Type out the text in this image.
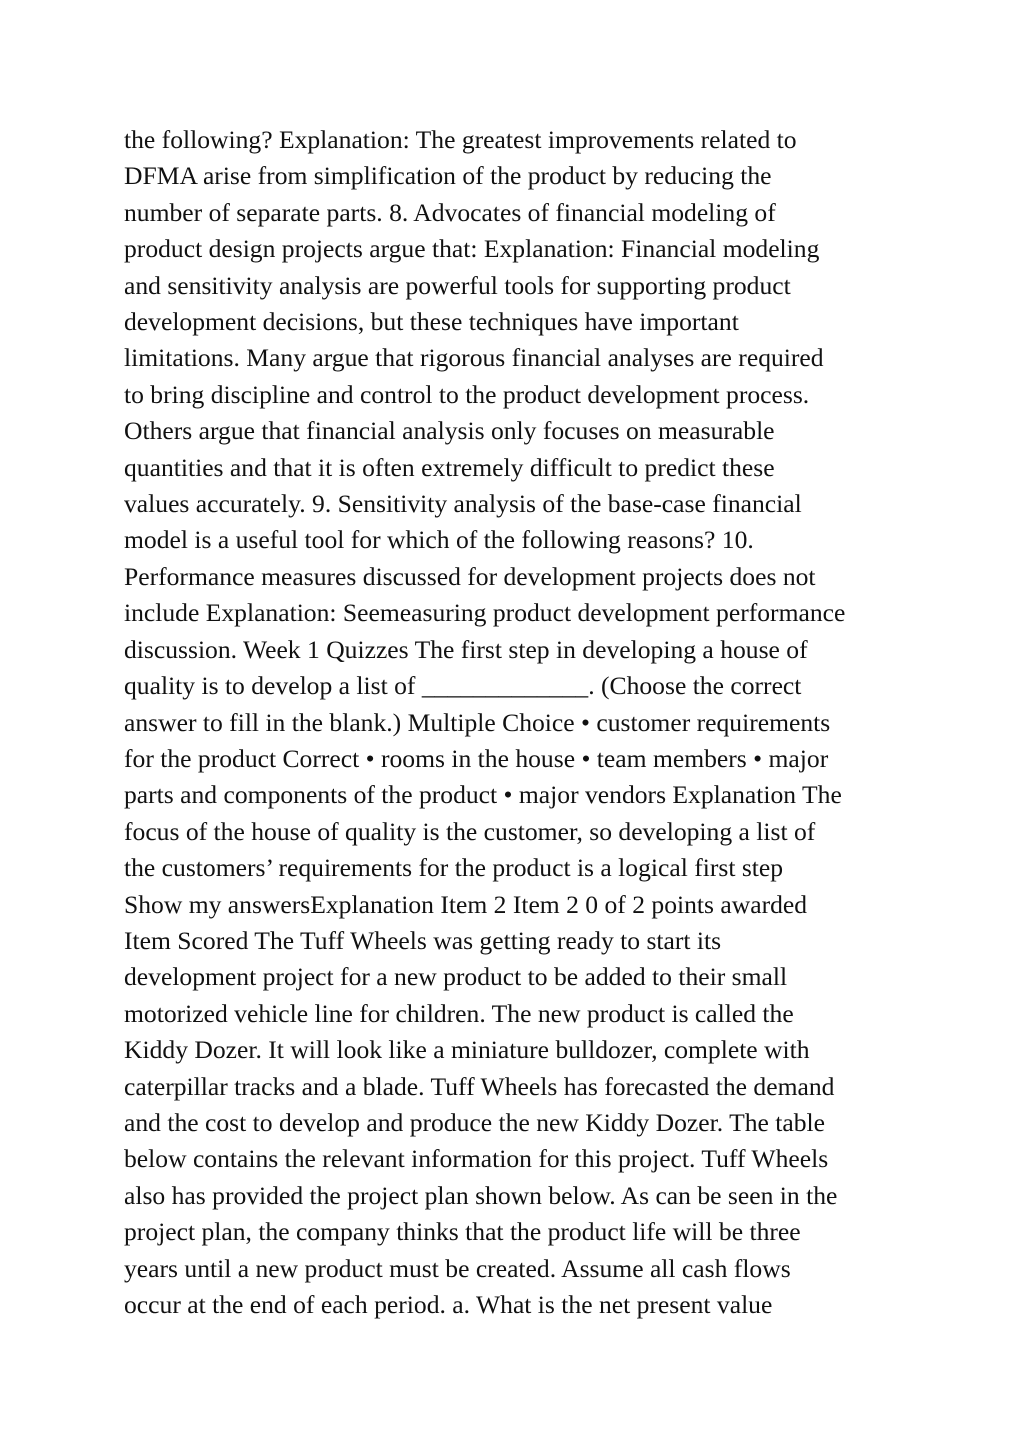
the following? Explanation: The greatest improvements related to
DFMA arise from simplification of the product by reducing the
number of separate parts. 8. Advocates of financial modeling of
product design projects argue that: Explanation: Financial modeling
and sensitivity analysis are powerful tools for supporting product
development decisions, but these techniques have important
limitations. Many argue that rigorous financial analyses are required
to bring discipline and control to the product development process.
Others argue that financial analysis only focuses on measurable
quantities and that it is often extremely difficult to predict these
values accurately. 9. Sensitivity analysis of the base-case financial
model is a useful tool for which of the following reasons? 10.
Performance measures discussed for development projects does not
include Explanation: Seemeasuring product development performance
discussion. Week 1 Quizzes The first step in developing a house of
quality is to develop a list of _____________. (Choose the correct
answer to fill in the blank.) Multiple Choice • customer requirements
for the product Correct • rooms in the house • team members • major
parts and components of the product • major vendors Explanation The
focus of the house of quality is the customer, so developing a list of
the customers’ requirements for the product is a logical first step
Show my answersExplanation Item 2 Item 2 0 of 2 points awarded
Item Scored The Tuff Wheels was getting ready to start its
development project for a new product to be added to their small
motorized vehicle line for children. The new product is called the
Kiddy Dozer. It will look like a miniature bulldozer, complete with
caterpillar tracks and a blade. Tuff Wheels has forecasted the demand
and the cost to develop and produce the new Kiddy Dozer. The table
below contains the relevant information for this project. Tuff Wheels
also has provided the project plan shown below. As can be seen in the
project plan, the company thinks that the product life will be three
years until a new product must be created. Assume all cash flows
occur at the end of each period. a. What is the net present value
